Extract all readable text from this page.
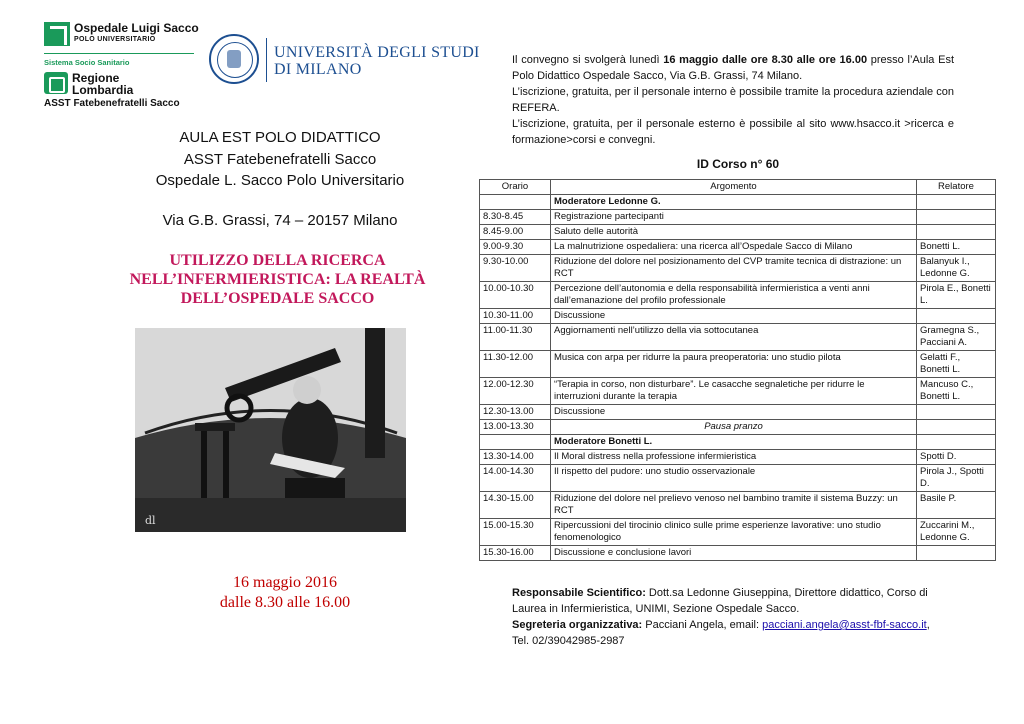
Ospedale Luigi Sacco
POLO UNIVERSITARIO
Sistema Socio Sanitario
Regione
Lombardia
ASST Fatebenefratelli Sacco
UNIVERSITÀ DEGLI STUDI
DI MILANO
AULA EST POLO DIDATTICO
ASST Fatebenefratelli Sacco
Ospedale L. Sacco Polo Universitario
Via G.B. Grassi, 74 – 20157 Milano
UTILIZZO DELLA RICERCA
NELL’INFERMIERISTICA: LA REALTÀ
DELL’OSPEDALE SACCO
dl
16 maggio 2016
dalle 8.30 alle 16.00

Il convegno si svolgerà lunedì 16 maggio dalle ore 8.30 alle ore 16.00 presso l’Aula Est Polo Didattico Ospedale Sacco, Via G.B. Grassi, 74 Milano.

L’iscrizione, gratuita, per il personale interno è possibile tramite la procedura aziendale con REFERA.

L’iscrizione, gratuita, per il personale esterno è possibile al sito www.hsacco.it >ricerca e formazione>corsi e convegni.

ID Corso n° 60
Orario	Argomento	Relatore
	Moderatore Ledonne G.	
8.30-8.45	Registrazione partecipanti	
8.45-9.00	Saluto delle autorità	
9.00-9.30	La malnutrizione ospedaliera: una ricerca all’Ospedale Sacco di Milano	Bonetti L.
9.30-10.00	Riduzione del dolore nel posizionamento del CVP tramite tecnica di distrazione: un RCT	Balanyuk I., Ledonne G.
10.00-10.30	Percezione dell’autonomia e della responsabilità infermieristica a venti anni dall’emanazione del profilo professionale	Pirola E., Bonetti L.
10.30-11.00	Discussione	
11.00-11.30	Aggiornamenti nell’utilizzo della via sottocutanea	Gramegna S., Pacciani A.
11.30-12.00	Musica con arpa per ridurre la paura preoperatoria: uno studio pilota	Gelatti F., Bonetti L.
12.00-12.30	“Terapia in corso, non disturbare”. Le casacche segnaletiche per ridurre le interruzioni durante la terapia	Mancuso C., Bonetti L.
12.30-13.00	Discussione	
13.00-13.30	Pausa pranzo	
	Moderatore Bonetti L.	
13.30-14.00	Il Moral distress nella professione infermieristica	Spotti D.
14.00-14.30	Il rispetto del pudore: uno studio osservazionale	Pirola J., Spotti D.
14.30-15.00	Riduzione del dolore nel prelievo venoso nel bambino tramite il sistema Buzzy: un RCT	Basile P.
15.00-15.30	Ripercussioni del tirocinio clinico sulle prime esperienze lavorative: uno studio fenomenologico	Zuccarini M., Ledonne G.
15.30-16.00	Discussione e conclusione lavori	

Responsabile Scientifico: Dott.sa Ledonne Giuseppina, Direttore didattico, Corso di Laurea in Infermieristica, UNIMI, Sezione Ospedale Sacco.

Segreteria organizzativa: Pacciani Angela, email: pacciani.angela@asst-fbf-sacco.it,

Tel. 02/39042985-2987
